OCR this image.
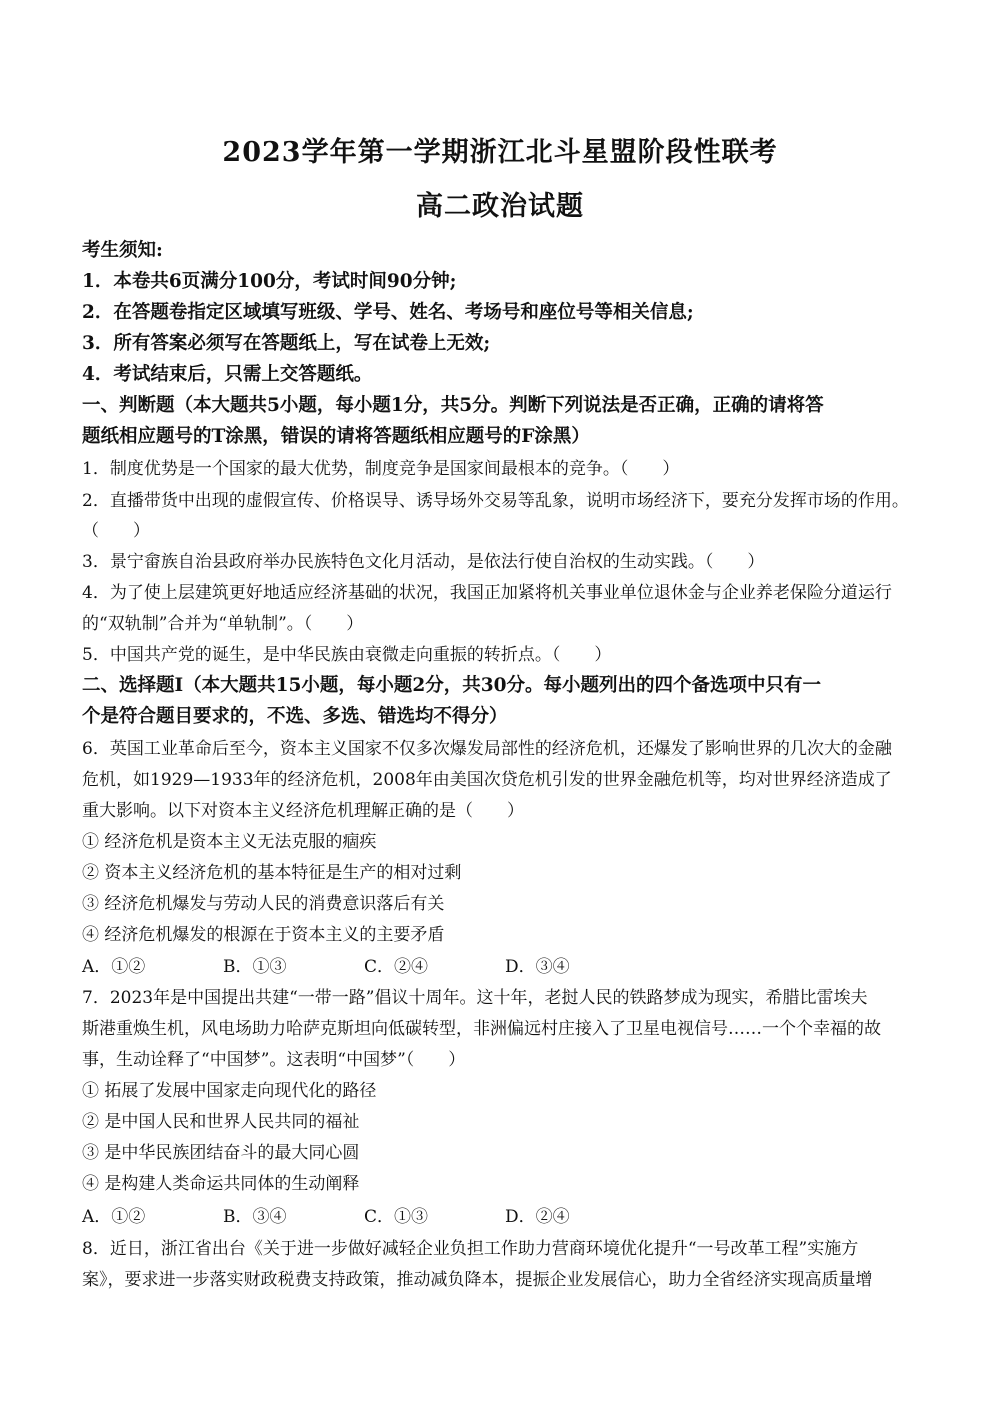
2023学年第一学期浙江北斗星盟阶段性联考
高二政治试题
考生须知:
1．本卷共6页满分100分，考试时间90分钟;
2．在答题卷指定区域填写班级、学号、姓名、考场号和座位号等相关信息;
3．所有答案必须写在答题纸上，写在试卷上无效;
4．考试结束后，只需上交答题纸。
一、判断题（本大题共5小题，每小题1分，共5分。判断下列说法是否正确，正确的请将答
题纸相应题号的T涂黑，错误的请将答题纸相应题号的F涂黑）
1．制度优势是一个国家的最大优势，制度竞争是国家间最根本的竞争。（　　）
2．直播带货中出现的虚假宣传、价格误导、诱导场外交易等乱象，说明市场经济下，要充分发挥市场的作用。
（　　）
3．景宁畲族自治县政府举办民族特色文化月活动，是依法行使自治权的生动实践。（　　）
4．为了使上层建筑更好地适应经济基础的状况，我国正加紧将机关事业单位退休金与企业养老保险分道运行
的“双轨制”合并为“单轨制”。（　　）
5．中国共产党的诞生，是中华民族由衰微走向重振的转折点。（　　）
二、选择题Ⅰ（本大题共15小题，每小题2分，共30分。每小题列出的四个备选项中只有一
个是符合题目要求的，不选、多选、错选均不得分）
6．英国工业革命后至今，资本主义国家不仅多次爆发局部性的经济危机，还爆发了影响世界的几次大的金融
危机，如1929—1933年的经济危机，2008年由美国次贷危机引发的世界金融危机等，均对世界经济造成了
重大影响。以下对资本主义经济危机理解正确的是（　　）
① 经济危机是资本主义无法克服的痼疾
② 资本主义经济危机的基本特征是生产的相对过剩
③ 经济危机爆发与劳动人民的消费意识落后有关
④ 经济危机爆发的根源在于资本主义的主要矛盾
A．①②	B．①③	C．②④	D．③④
7．2023年是中国提出共建“一带一路”倡议十周年。这十年，老挝人民的铁路梦成为现实，希腊比雷埃夫
斯港重焕生机，风电场助力哈萨克斯坦向低碳转型，非洲偏远村庄接入了卫星电视信号……一个个幸福的故
事，生动诠释了“中国梦”。这表明“中国梦”（　　）
① 拓展了发展中国家走向现代化的路径
② 是中国人民和世界人民共同的福祉
③ 是中华民族团结奋斗的最大同心圆
④ 是构建人类命运共同体的生动阐释
A．①②	B．③④	C．①③	D．②④
8．近日，浙江省出台《关于进一步做好减轻企业负担工作助力营商环境优化提升“一号改革工程”实施方
案》，要求进一步落实财政税费支持政策，推动减负降本，提振企业发展信心，助力全省经济实现高质量增
